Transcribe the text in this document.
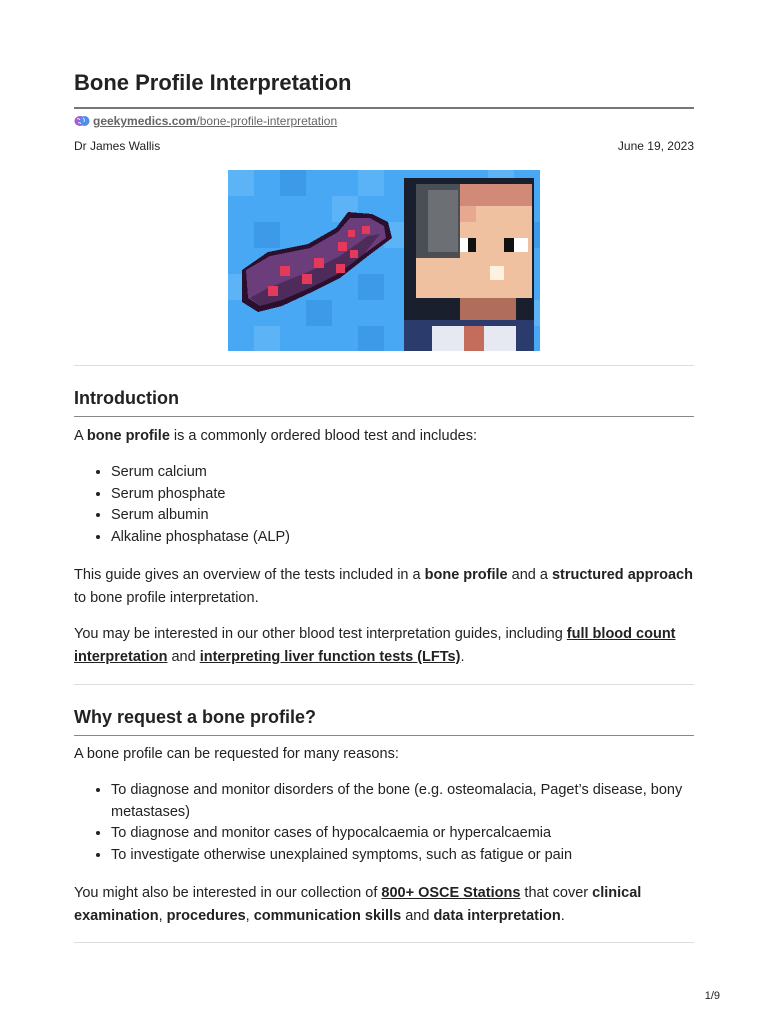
Bone Profile Interpretation
geekymedics.com/bone-profile-interpretation
Dr James Wallis	June 19, 2023
Introduction

A bone profile is a commonly ordered blood test and includes:

• Serum calcium
• Serum phosphate
• Serum albumin
• Alkaline phosphatase (ALP)

This guide gives an overview of the tests included in a bone profile and a structured approach to bone profile interpretation.

You may be interested in our other blood test interpretation guides, including full blood count interpretation and interpreting liver function tests (LFTs).

Why request a bone profile?

A bone profile can be requested for many reasons:

• To diagnose and monitor disorders of the bone (e.g. osteomalacia, Paget’s disease, bony metastases)
• To diagnose and monitor cases of hypocalcaemia or hypercalcaemia
• To investigate otherwise unexplained symptoms, such as fatigue or pain

You might also be interested in our collection of 800+ OSCE Stations that cover clinical examination, procedures, communication skills and data interpretation.

1/9
